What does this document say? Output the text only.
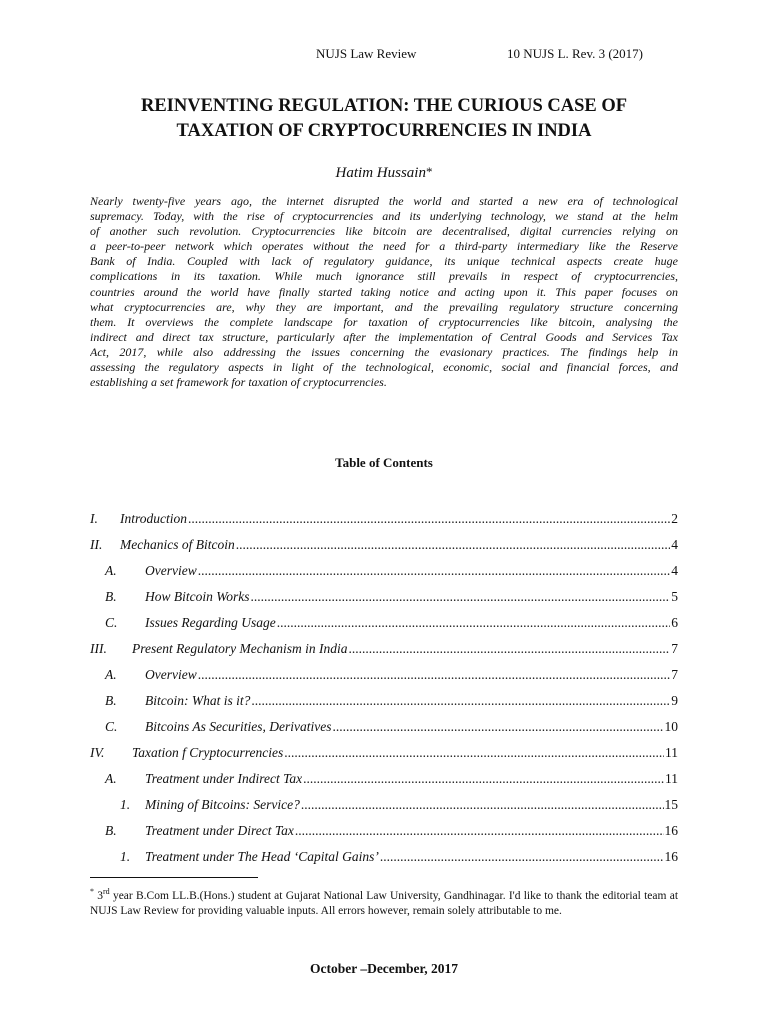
NUJS Law Review	10 NUJS L. Rev. 3 (2017)
REINVENTING REGULATION: THE CURIOUS CASE OF
TAXATION OF CRYPTOCURRENCIES IN INDIA
Hatim Hussain*
Nearly twenty-five years ago, the internet disrupted the world and started a new era of technological
supremacy. Today, with the rise of cryptocurrencies and its underlying technology, we stand at the helm
of another such revolution. Cryptocurrencies like bitcoin are decentralised, digital currencies relying on
a peer-to-peer network which operates without the need for a third-party intermediary like the Reserve
Bank of India. Coupled with lack of regulatory guidance, its unique technical aspects create huge
complications in its taxation. While much ignorance still prevails in respect of cryptocurrencies,
countries around the world have finally started taking notice and acting upon it. This paper focuses on
what cryptocurrencies are, why they are important, and the prevailing regulatory structure concerning
them. It overviews the complete landscape for taxation of cryptocurrencies like bitcoin, analysing the
indirect and direct tax structure, particularly after the implementation of Central Goods and Services Tax
Act, 2017, while also addressing the issues concerning the evasionary practices. The findings help in
assessing the regulatory aspects in light of the technological, economic, social and financial forces, and
establishing a set framework for taxation of cryptocurrencies.
Table of Contents
I.	Introduction .....	2
II.	Mechanics of Bitcoin .....	4
A.	Overview .....	4
B.	How Bitcoin Works .....	5
C.	Issues Regarding Usage .....	6
III.	Present Regulatory Mechanism in India .....	7
A.	Overview .....	7
B.	Bitcoin: What is it? .....	9
C.	Bitcoins As Securities, Derivatives .....	10
IV.	Taxation f Cryptocurrencies .....	11
A.	Treatment under Indirect Tax .....	11
1.	Mining of Bitcoins: Service? .....	15
B.	Treatment under Direct Tax .....	16
1.	Treatment under The Head ‘Capital Gains’ .....	16
* 3rd year B.Com LL.B.(Hons.) student at Gujarat National Law University, Gandhinagar. I'd like to thank the editorial team at NUJS Law Review for providing valuable inputs. All errors however, remain solely attributable to me.
October –December, 2017
